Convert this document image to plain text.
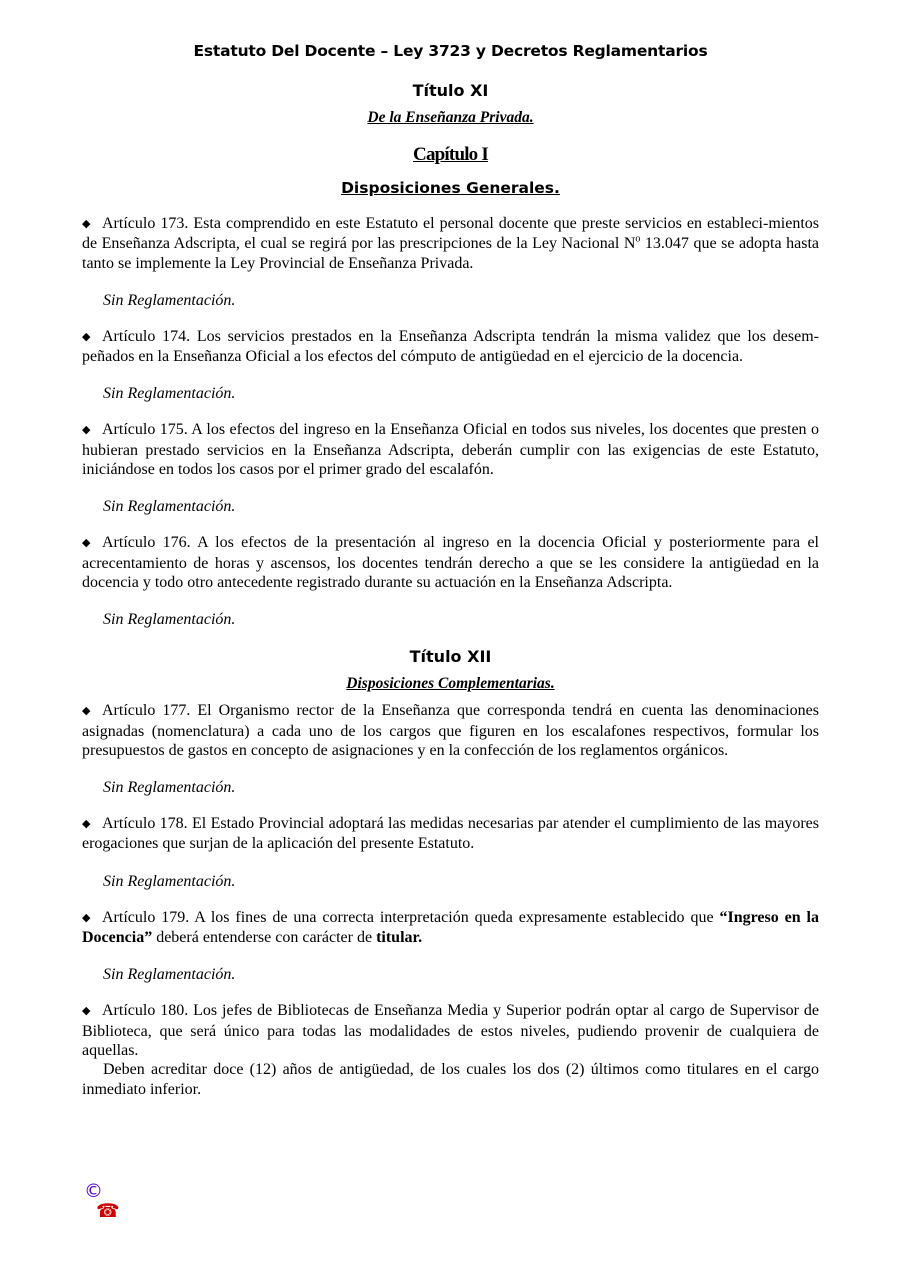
Estatuto Del Docente – Ley 3723 y Decretos Reglamentarios
Título XI
De la Enseñanza Privada.
Capítulo I
Disposiciones Generales.

◆ Artículo 173. Esta comprendido en este Estatuto el personal docente que preste servicios en estableci-mientos de Enseñanza Adscripta, el cual se regirá por las prescripciones de la Ley Nacional $N^o$ 13.047 que se adopta hasta tanto se implemente la Ley Provincial de Enseñanza Privada.

Sin Reglamentación.

◆ Artículo 174. Los servicios prestados en la Enseñanza Adscripta tendrán la misma validez que los desem-peñados en la Enseñanza Oficial a los efectos del cómputo de antigüedad en el ejercicio de la docencia.

Sin Reglamentación.

◆ Artículo 175. A los efectos del ingreso en la Enseñanza Oficial en todos sus niveles, los docentes que presten o hubieran prestado servicios en la Enseñanza Adscripta, deberán cumplir con las exigencias de este Estatuto, iniciándose en todos los casos por el primer grado del escalafón.

Sin Reglamentación.

◆ Artículo 176. A los efectos de la presentación al ingreso en la docencia Oficial y posteriormente para el acrecentamiento de horas y ascensos, los docentes tendrán derecho a que se les considere la antigüedad en la docencia y todo otro antecedente registrado durante su actuación en la Enseñanza Adscripta.

Sin Reglamentación.

Título XII
Disposiciones Complementarias.

◆ Artículo 177. El Organismo rector de la Enseñanza que corresponda tendrá en cuenta las denominaciones asignadas (nomenclatura) a cada uno de los cargos que figuren en los escalafones respectivos, formular los presupuestos de gastos en concepto de asignaciones y en la confección de los reglamentos orgánicos.

Sin Reglamentación.

◆ Artículo 178. El Estado Provincial adoptará las medidas necesarias par atender el cumplimiento de las mayores erogaciones que surjan de la aplicación del presente Estatuto.

Sin Reglamentación.

◆ Artículo 179. A los fines de una correcta interpretación queda expresamente establecido que “Ingreso en la Docencia” deberá entenderse con carácter de titular.

Sin Reglamentación.

◆ Artículo 180. Los jefes de Bibliotecas de Enseñanza Media y Superior podrán optar al cargo de Supervisor de Biblioteca, que será único para todas las modalidades de estos niveles, pudiendo provenir de cualquiera de aquellas.

Deben acreditar doce (12) años de antigüedad, de los cuales los dos (2) últimos como titulares en el cargo inmediato inferior.

©
☎
